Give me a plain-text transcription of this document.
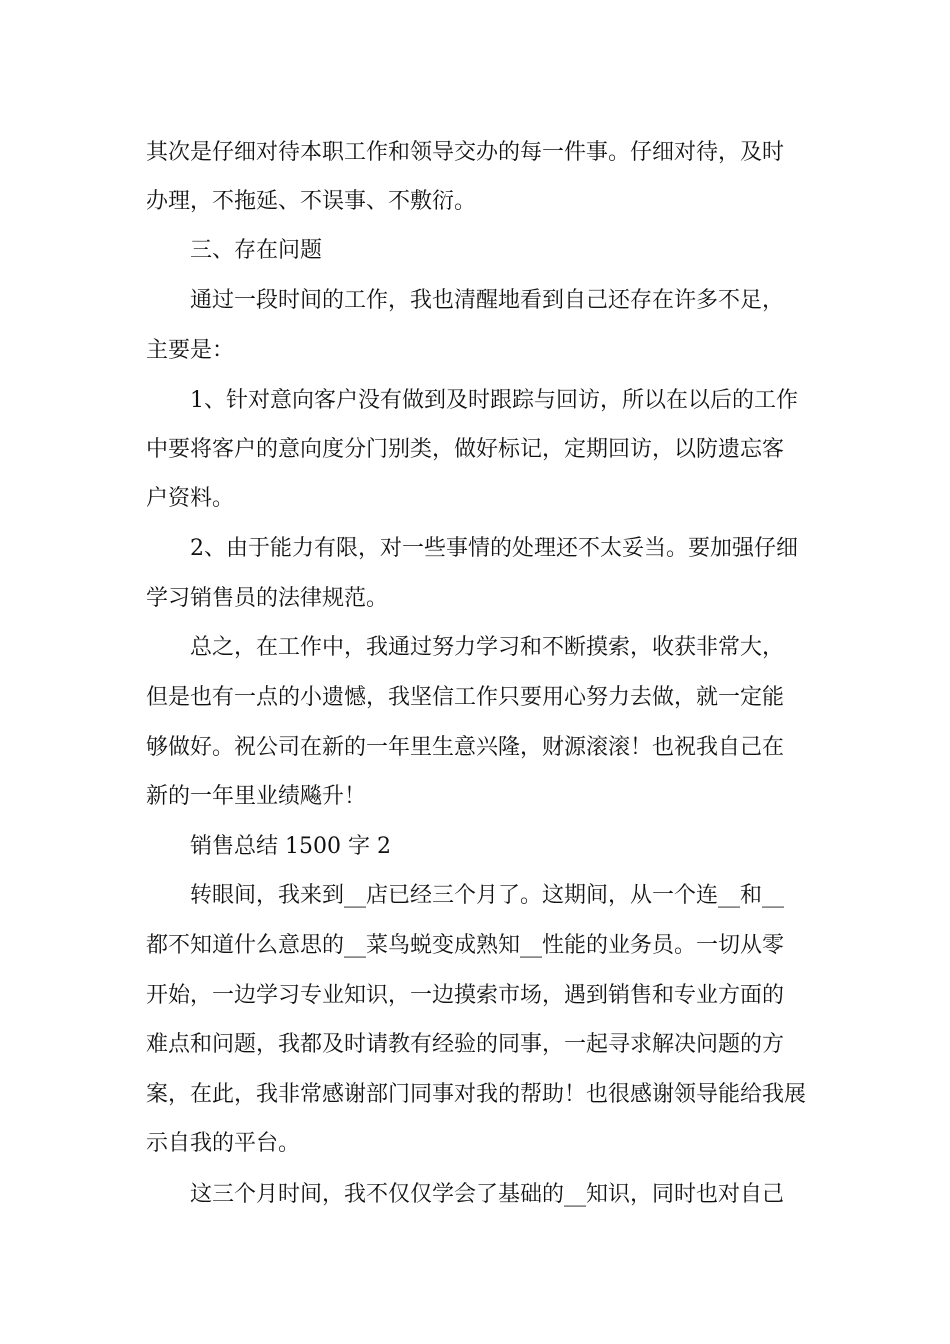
其次是仔细对待本职工作和领导交办的每一件事。仔细对待，及时
办理，不拖延、不误事、不敷衍。
三、存在问题
通过一段时间的工作，我也清醒地看到自己还存在许多不足，
主要是：
1、针对意向客户没有做到及时跟踪与回访，所以在以后的工作
中要将客户的意向度分门别类，做好标记，定期回访，以防遗忘客
户资料。
2、由于能力有限，对一些事情的处理还不太妥当。要加强仔细
学习销售员的法律规范。
总之，在工作中，我通过努力学习和不断摸索，收获非常大，
但是也有一点的小遗憾，我坚信工作只要用心努力去做，就一定能
够做好。祝公司在新的一年里生意兴隆，财源滚滚！也祝我自己在
新的一年里业绩飚升！
销售总结 1500 字 2
转眼间，我来到__店已经三个月了。这期间，从一个连__和__
都不知道什么意思的__菜鸟蜕变成熟知__性能的业务员。一切从零
开始，一边学习专业知识，一边摸索市场，遇到销售和专业方面的
难点和问题，我都及时请教有经验的同事，一起寻求解决问题的方
案，在此，我非常感谢部门同事对我的帮助！也很感谢领导能给我展
示自我的平台。
这三个月时间，我不仅仅学会了基础的__知识，同时也对自己
